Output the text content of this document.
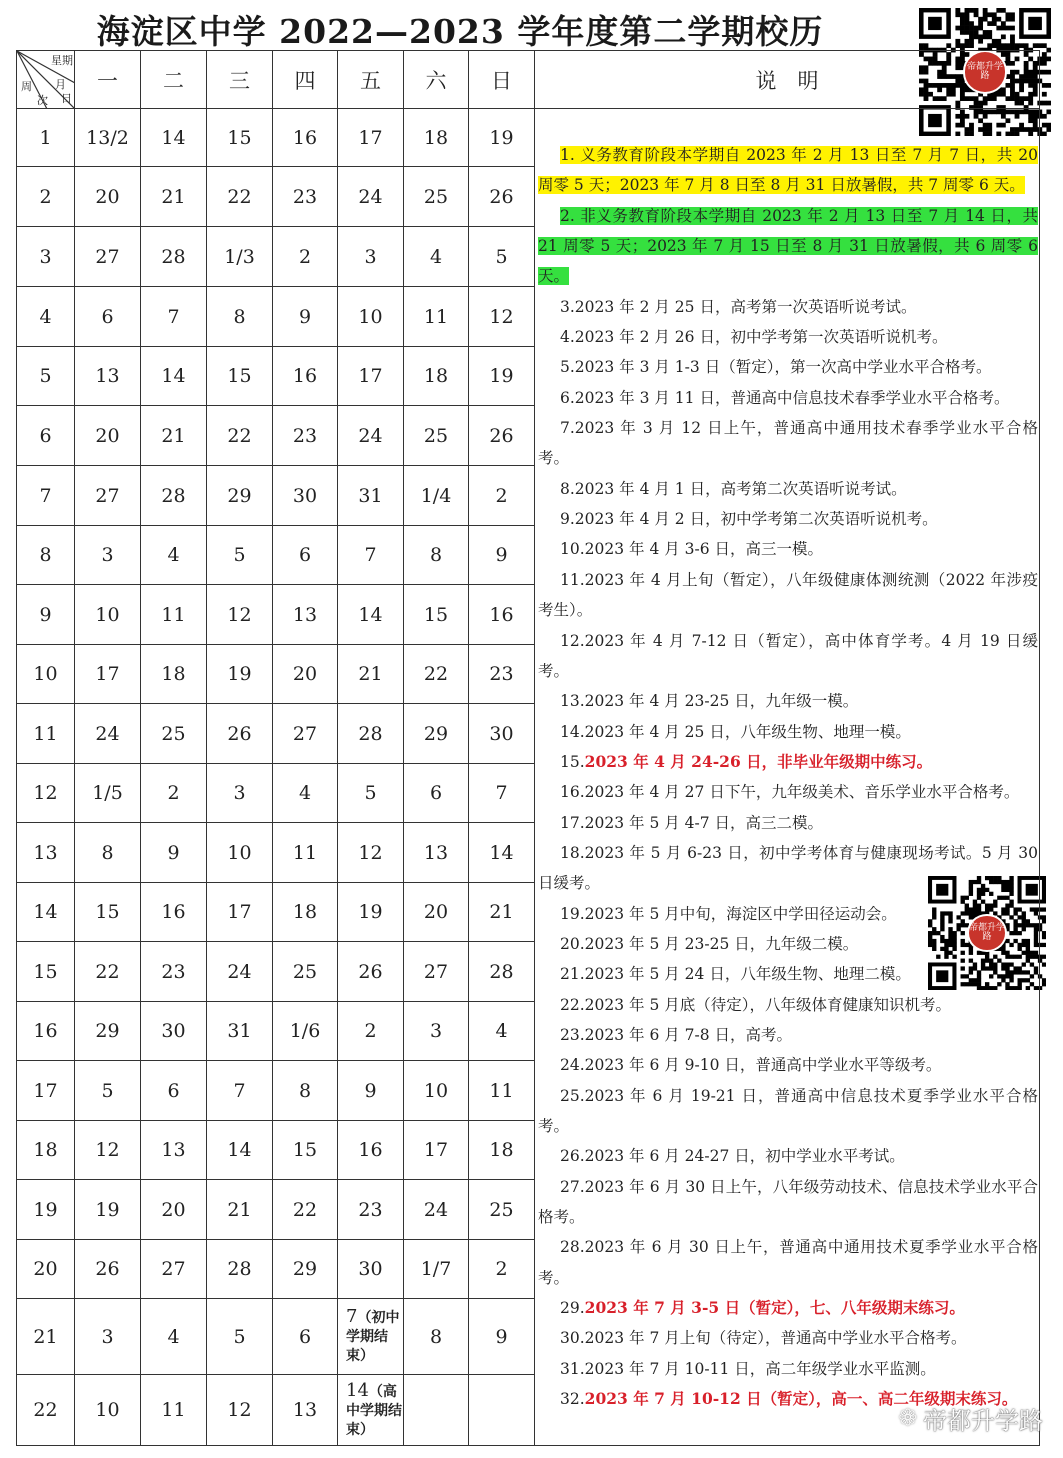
海淀区中学 2022—2023 学年度第二学期校历
帝都升学路
帝都升学路
星期
月
日
周
次	一	二	三	四	五	六	日	说　明
1	13/2	14	15	16	17	18	19	
2	20	21	22	23	24	25	26	
3	27	28	1/3	2	3	4	5	
4	6	7	8	9	10	11	12	
5	13	14	15	16	17	18	19	
6	20	21	22	23	24	25	26	
7	27	28	29	30	31	1/4	2	
8	3	4	5	6	7	8	9	
9	10	11	12	13	14	15	16	
10	17	18	19	20	21	22	23	
11	24	25	26	27	28	29	30	
12	1/5	2	3	4	5	6	7	
13	8	9	10	11	12	13	14	
14	15	16	17	18	19	20	21	
15	22	23	24	25	26	27	28	
16	29	30	31	1/6	2	3	4	
17	5	6	7	8	9	10	11	
18	12	13	14	15	16	17	18	
19	19	20	21	22	23	24	25	
20	26	27	28	29	30	1/7	2	
21	3	4	5	6	7（初中学期结束）	8	9	
22	10	11	12	13	14（高中学期结束）			

1. 义务教育阶段本学期自 2023 年 2 月 13 日至 7 月 7 日，共 20 周零 5 天；2023 年 7 月 8 日至 8 月 31 日放暑假，共 7 周零 6 天。

2. 非义务教育阶段本学期自 2023 年 2 月 13 日至 7 月 14 日，共 21 周零 5 天；2023 年 7 月 15 日至 8 月 31 日放暑假，共 6 周零 6 天。

3.2023 年 2 月 25 日，高考第一次英语听说考试。

4.2023 年 2 月 26 日，初中学考第一次英语听说机考。

5.2023 年 3 月 1-3 日（暂定），第一次高中学业水平合格考。

6.2023 年 3 月 11 日，普通高中信息技术春季学业水平合格考。

7.2023 年 3 月 12 日上午，普通高中通用技术春季学业水平合格考。

8.2023 年 4 月 1 日，高考第二次英语听说考试。

9.2023 年 4 月 2 日，初中学考第二次英语听说机考。

10.2023 年 4 月 3-6 日，高三一模。

11.2023 年 4 月上旬（暂定），八年级健康体测统测（2022 年涉疫考生）。

12.2023 年 4 月 7-12 日（暂定），高中体育学考。4 月 19 日缓考。

13.2023 年 4 月 23-25 日，九年级一模。

14.2023 年 4 月 25 日，八年级生物、地理一模。

15.2023 年 4 月 24-26 日，非毕业年级期中练习。

16.2023 年 4 月 27 日下午，九年级美术、音乐学业水平合格考。

17.2023 年 5 月 4-7 日，高三二模。

18.2023 年 5 月 6-23 日，初中学考体育与健康现场考试。5 月 30 日缓考。

19.2023 年 5 月中旬，海淀区中学田径运动会。

20.2023 年 5 月 23-25 日，九年级二模。

21.2023 年 5 月 24 日，八年级生物、地理二模。

22.2023 年 5 月底（待定），八年级体育健康知识机考。

23.2023 年 6 月 7-8 日，高考。

24.2023 年 6 月 9-10 日，普通高中学业水平等级考。

25.2023 年 6 月 19-21 日，普通高中信息技术夏季学业水平合格考。

26.2023 年 6 月 24-27 日，初中学业水平考试。

27.2023 年 6 月 30 日上午，八年级劳动技术、信息技术学业水平合格考。

28.2023 年 6 月 30 日上午，普通高中通用技术夏季学业水平合格考。

29.2023 年 7 月 3-5 日（暂定），七、八年级期末练习。

30.2023 年 7 月上旬（待定），普通高中学业水平合格考。

31.2023 年 7 月 10-11 日，高二年级学业水平监测。

32.2023 年 7 月 10-12 日（暂定），高一、高二年级期末练习。

❁ 帝都升学路
